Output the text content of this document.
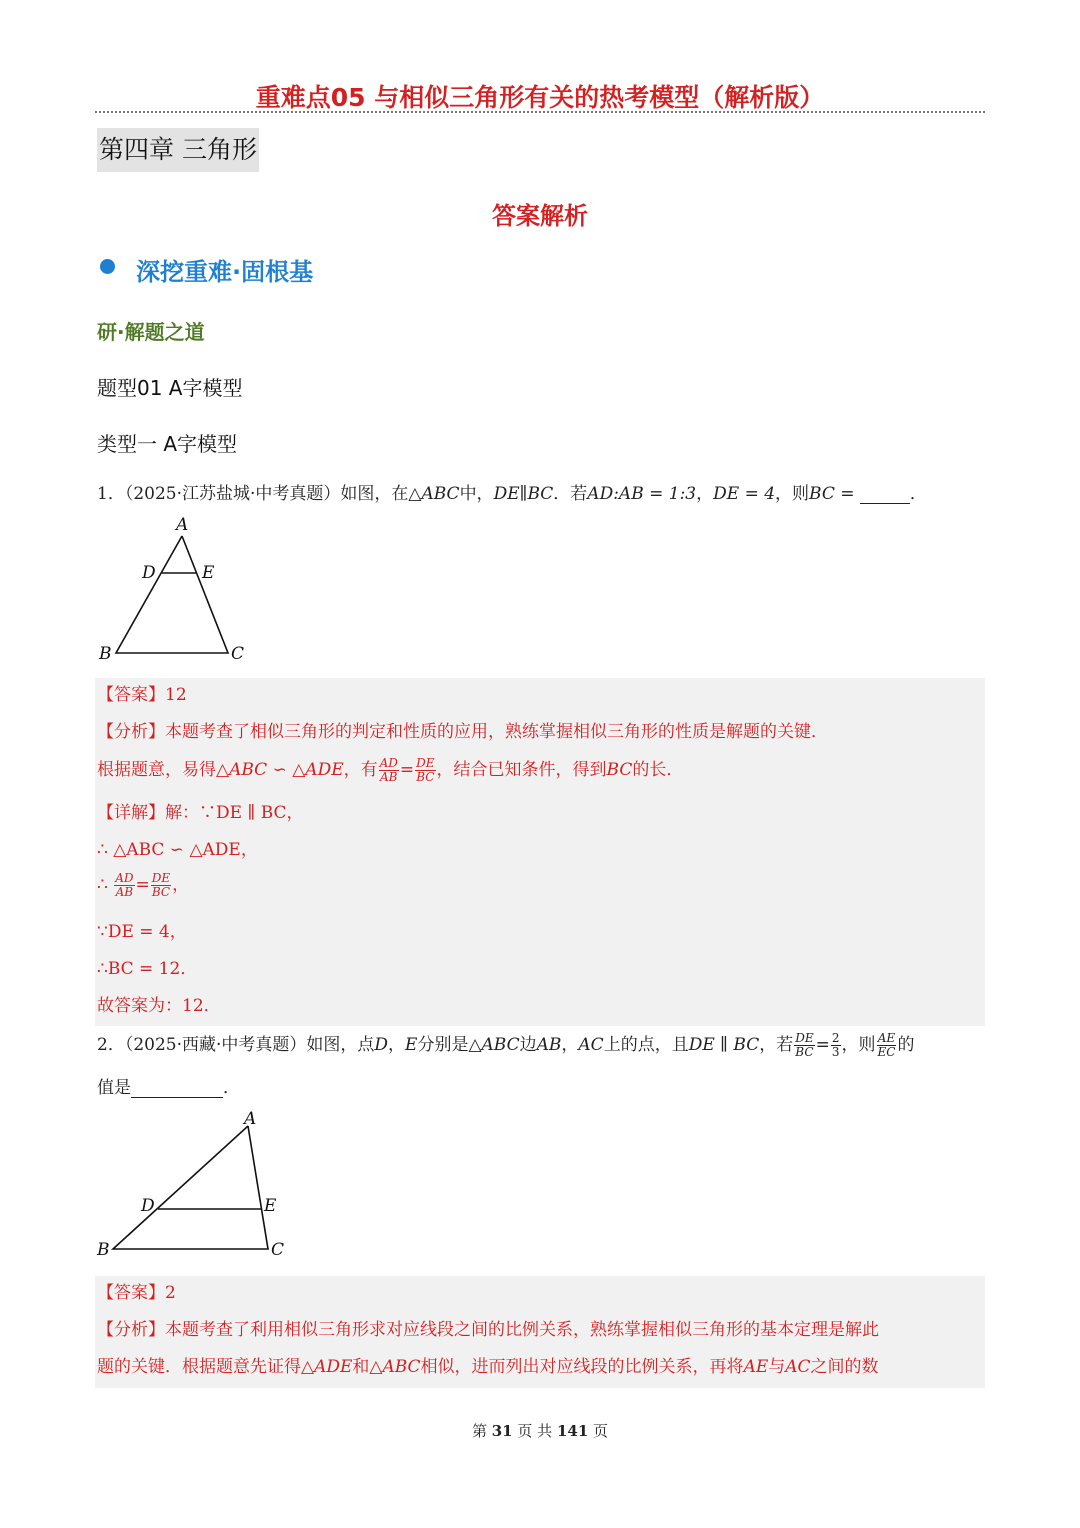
重难点05 与相似三角形有关的热考模型（解析版）
第四章 三角形
答案解析
深挖重难·固根基
研·解题之道
题型01 A字模型
类型一 A字模型
1．（2025·江苏盐城·中考真题）如图，在△ABC中，DE∥BC．若AD:AB = 1:3，DE = 4，则BC =	．
A
D	E
B	C
【答案】12
【分析】本题考查了相似三角形的判定和性质的应用，熟练掌握相似三角形的性质是解题的关键．
根据题意，易得△ABC ∽ △ADE，有 $\frac{AD}{AB} = \frac{DE}{BC}$ ，结合已知条件，得到BC的长．
【详解】解：∵DE ∥ BC，
∴ △ABC ∽ △ADE，
∴ $\frac{AD}{AB} = \frac{DE}{BC}$ ，
∵DE = 4，
∴BC = 12．
故答案为：12．
2．（2025·西藏·中考真题）如图，点D，E分别是△ABC边AB，AC上的点，且DE ∥ BC，若 $\frac{DE}{BC} = \frac{2}{3}$ ，则 $\frac{AE}{EC}$ 的
值是	．
A
D	E
B	C
【答案】2
【分析】本题考查了利用相似三角形求对应线段之间的比例关系，熟练掌握相似三角形的基本定理是解此
题的关键．根据题意先证得△ADE和△ABC相似，进而列出对应线段的比例关系，再将AE与AC之间的数
第 31 页 共 141 页
